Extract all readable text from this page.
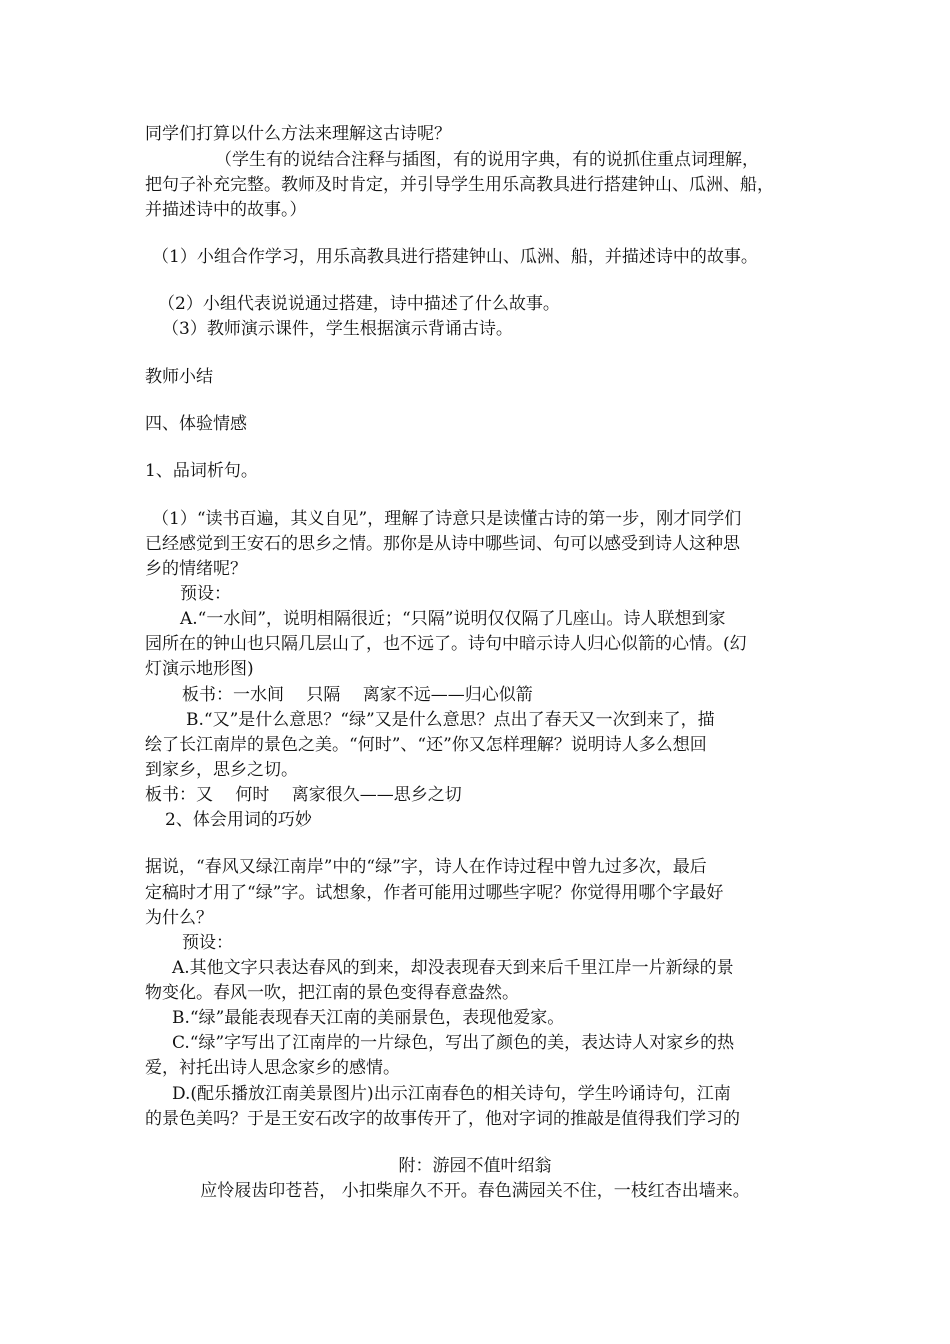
同学们打算以什么方法来理解这古诗呢？
（学生有的说结合注释与插图，有的说用字典，有的说抓住重点词理解，
把句子补充完整。教师及时肯定，并引导学生用乐高教具进行搭建钟山、瓜洲、船，
并描述诗中的故事。）
（1）小组合作学习，用乐高教具进行搭建钟山、瓜洲、船，并描述诗中的故事。
（2）小组代表说说通过搭建，诗中描述了什么故事。
（3）教师演示课件，学生根据演示背诵古诗。
教师小结
四、体验情感
1、品词析句。
（1）“读书百遍，其义自见”，理解了诗意只是读懂古诗的第一步，刚才同学们
已经感觉到王安石的思乡之情。那你是从诗中哪些词、句可以感受到诗人这种思
乡的情绪呢？
预设：
A.“一水间”，说明相隔很近；“只隔”说明仅仅隔了几座山。诗人联想到家
园所在的钟山也只隔几层山了，也不远了。诗句中暗示诗人归心似箭的心情。(幻
灯演示地形图)
板书：一水间　 只隔　 离家不远——归心似箭
B.“又”是什么意思？“绿”又是什么意思？点出了春天又一次到来了，描
绘了长江南岸的景色之美。“何时”、“还”你又怎样理解？说明诗人多么想回
到家乡，思乡之切。
板书：又　 何时　 离家很久——思乡之切
2、体会用词的巧妙
据说，“春风又绿江南岸”中的“绿”字，诗人在作诗过程中曾九过多次，最后
定稿时才用了“绿”字。试想象，作者可能用过哪些字呢？你觉得用哪个字最好
为什么？
预设：
A.其他文字只表达春风的到来，却没表现春天到来后千里江岸一片新绿的景
物变化。春风一吹，把江南的景色变得春意盎然。
B.“绿”最能表现春天江南的美丽景色，表现他爱家。
C.“绿”字写出了江南岸的一片绿色，写出了颜色的美，表达诗人对家乡的热
爱，衬托出诗人思念家乡的感情。
D.(配乐播放江南美景图片)出示江南春色的相关诗句，学生吟诵诗句，江南
的景色美吗？于是王安石改字的故事传开了，他对字词的推敲是值得我们学习的
附：游园不值叶绍翁
应怜屐齿印苍苔， 小扣柴扉久不开。春色满园关不住，一枝红杏出墙来。
